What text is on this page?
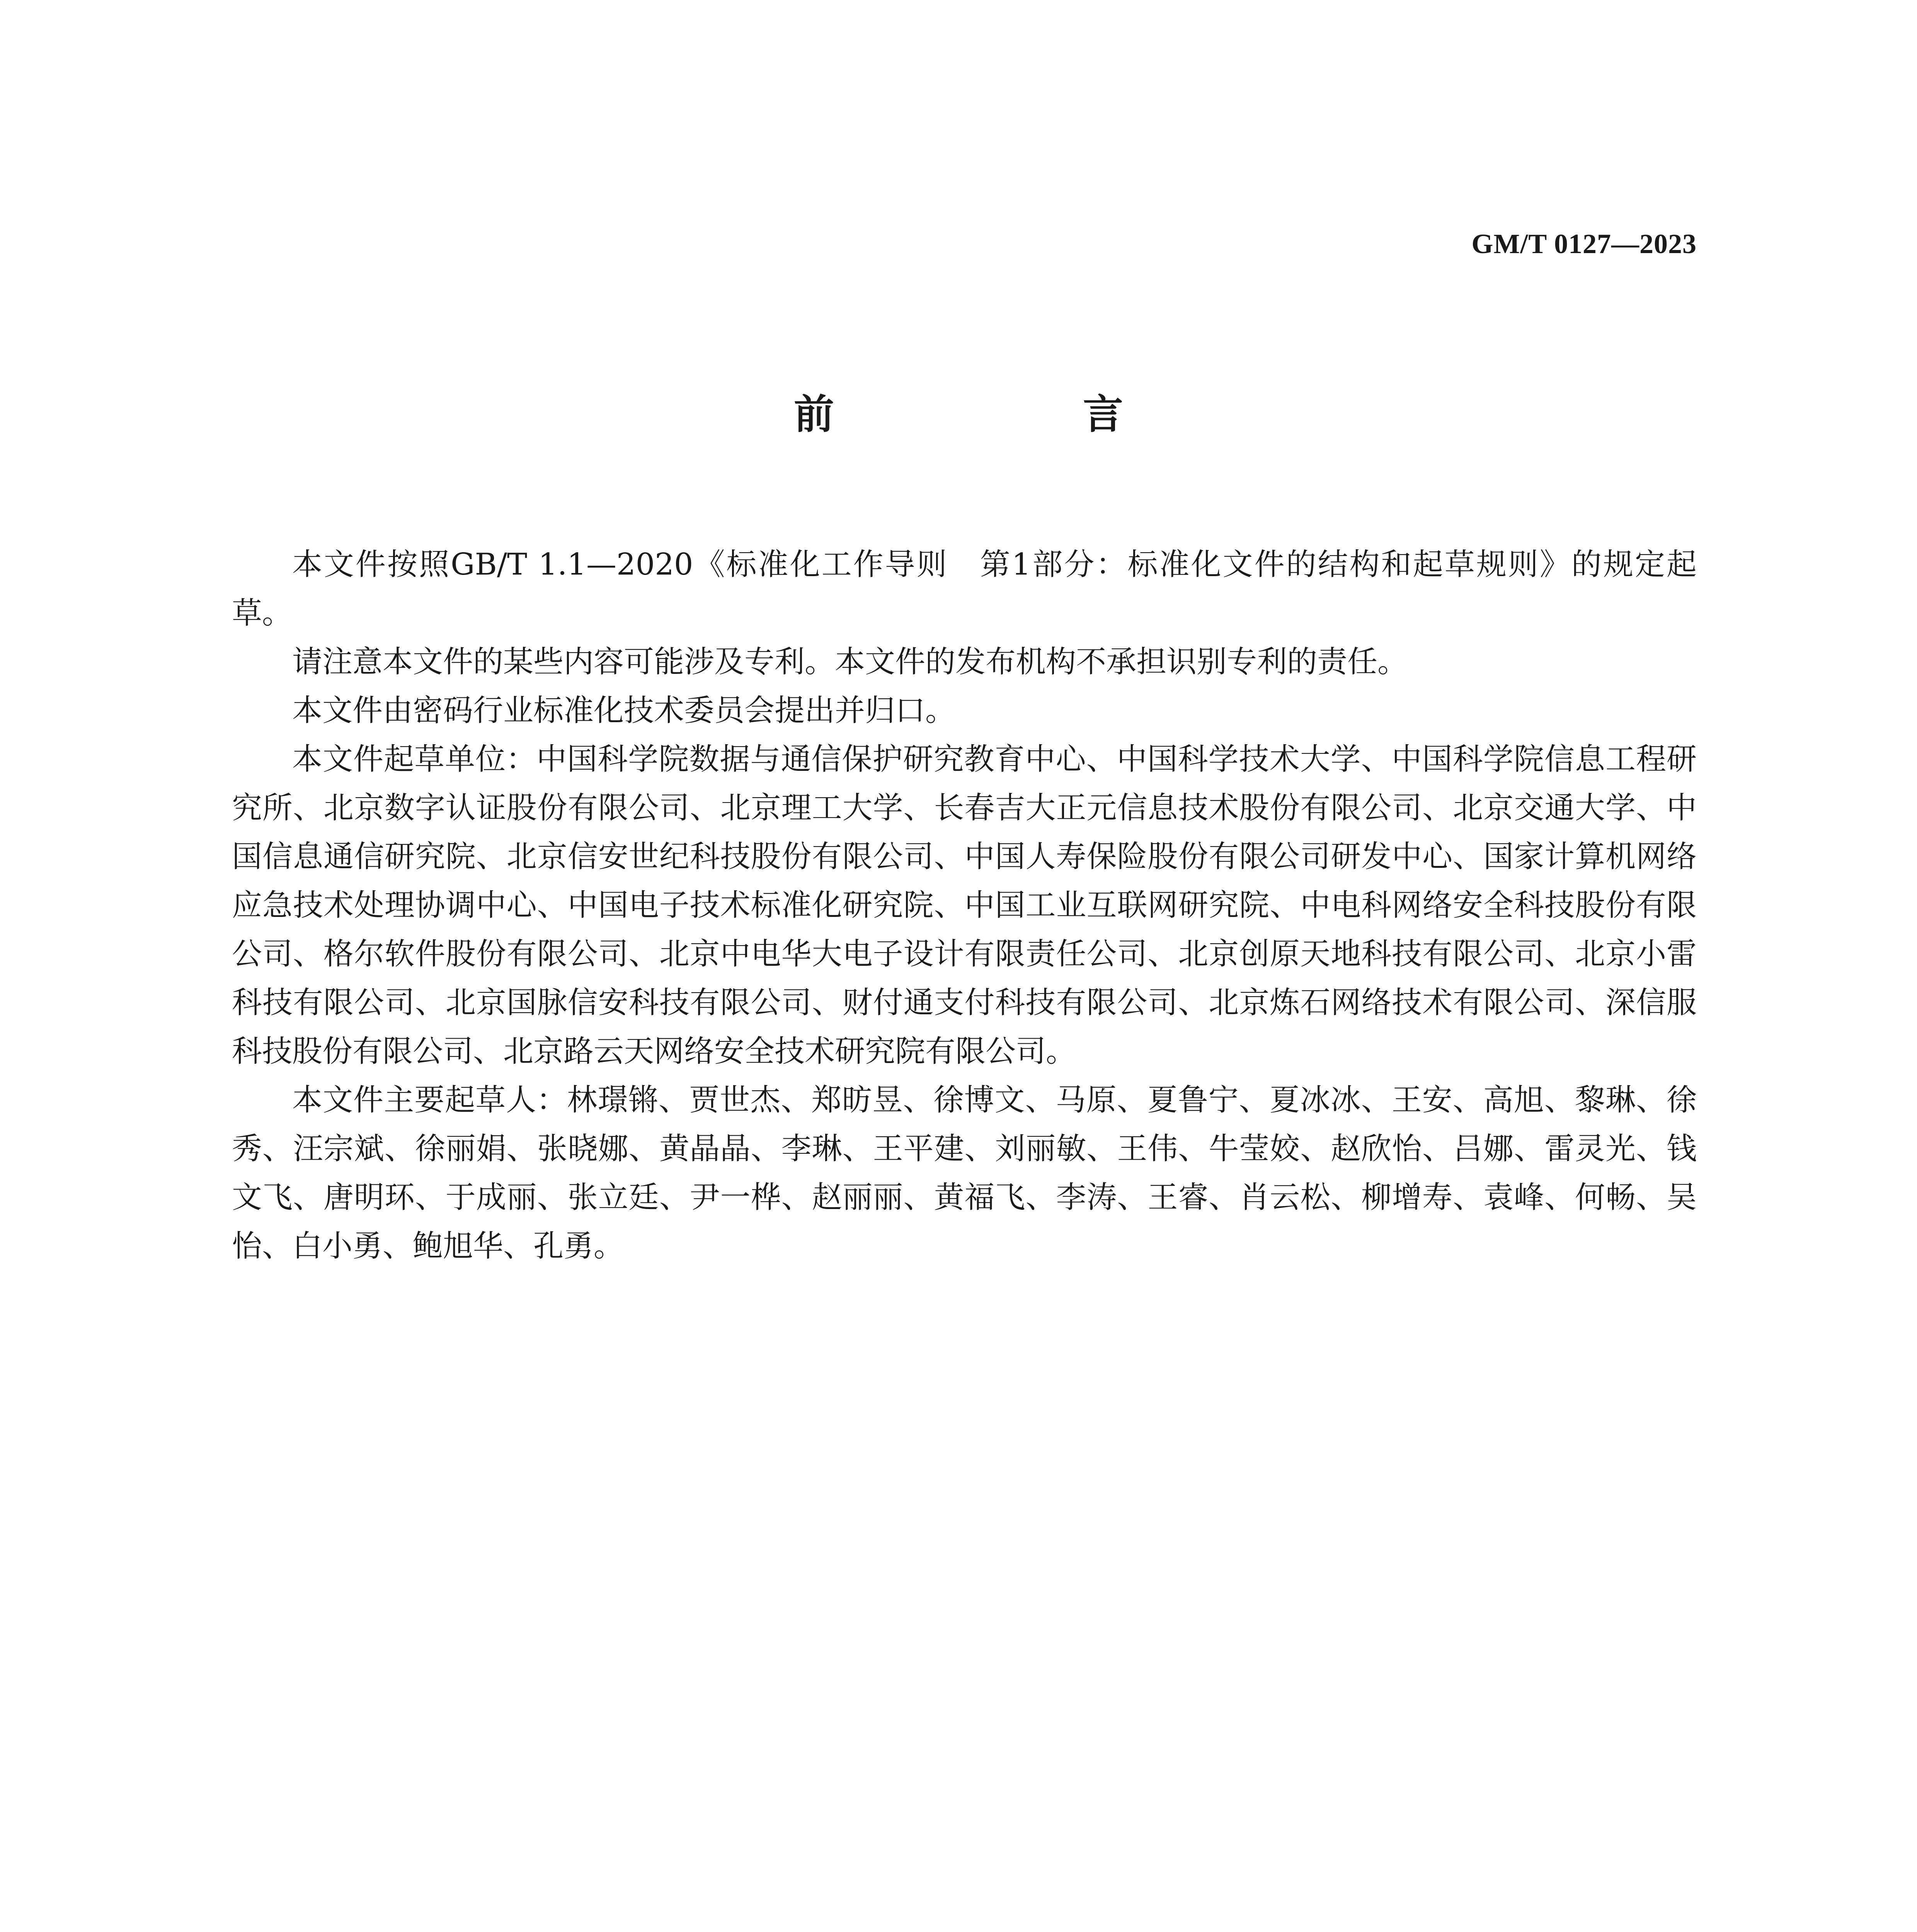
GM/T 0127—2023
前　言

本文件按照GB/T 1.1—2020《标准化工作导则　第1部分：标准化文件的结构和起草规则》的规定起草。

请注意本文件的某些内容可能涉及专利。本文件的发布机构不承担识别专利的责任。

本文件由密码行业标准化技术委员会提出并归口。

本文件起草单位：中国科学院数据与通信保护研究教育中心、中国科学技术大学、中国科学院信息工程研究所、北京数字认证股份有限公司、北京理工大学、长春吉大正元信息技术股份有限公司、北京交通大学、中国信息通信研究院、北京信安世纪科技股份有限公司、中国人寿保险股份有限公司研发中心、国家计算机网络应急技术处理协调中心、中国电子技术标准化研究院、中国工业互联网研究院、中电科网络安全科技股份有限公司、格尔软件股份有限公司、北京中电华大电子设计有限责任公司、北京创原天地科技有限公司、北京小雷科技有限公司、北京国脉信安科技有限公司、财付通支付科技有限公司、北京炼石网络技术有限公司、深信服科技股份有限公司、北京路云天网络安全技术研究院有限公司。

本文件主要起草人：林璟锵、贾世杰、郑昉昱、徐博文、马原、夏鲁宁、夏冰冰、王安、高旭、黎琳、徐秀、汪宗斌、徐丽娟、张晓娜、黄晶晶、李琳、王平建、刘丽敏、王伟、牛莹姣、赵欣怡、吕娜、雷灵光、钱文飞、唐明环、于成丽、张立廷、尹一桦、赵丽丽、黄福飞、李涛、王睿、肖云松、柳增寿、袁峰、何畅、吴怡、白小勇、鲍旭华、孔勇。
